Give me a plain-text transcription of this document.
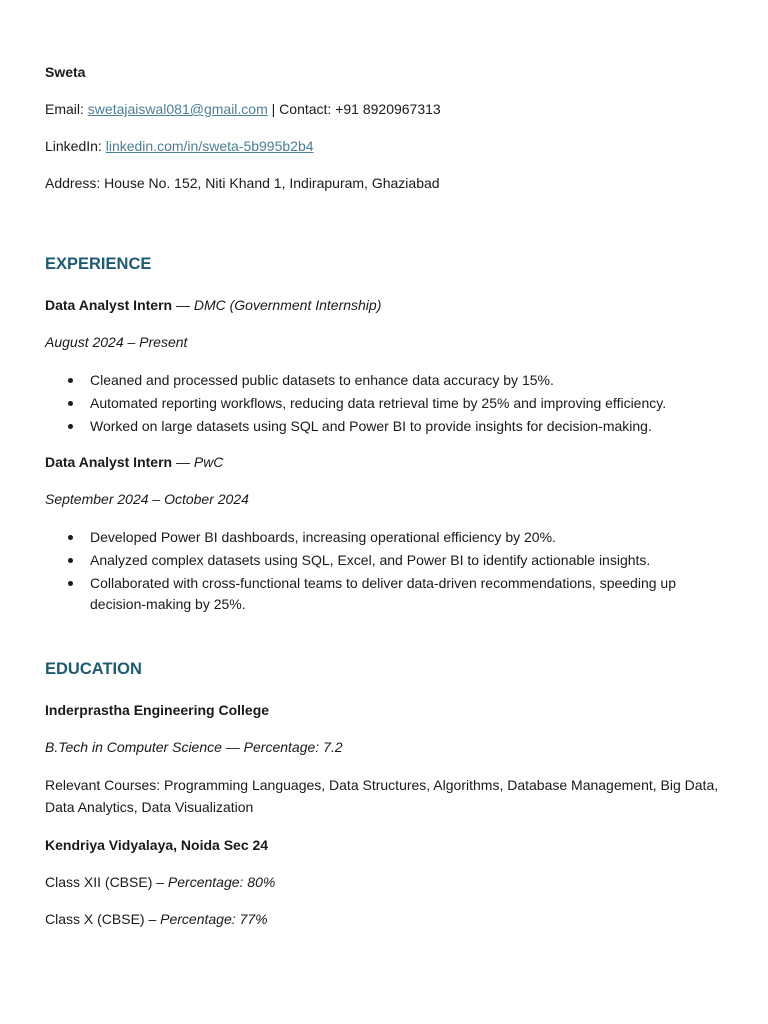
Sweta

Email: swetajaiswal081@gmail.com | Contact: +91 8920967313

LinkedIn: linkedin.com/in/sweta-5b995b2b4

Address: House No. 152, Niti Khand 1, Indirapuram, Ghaziabad

EXPERIENCE

Data Analyst Intern — DMC (Government Internship)

August 2024 – Present

Cleaned and processed public datasets to enhance data accuracy by 15%.
Automated reporting workflows, reducing data retrieval time by 25% and improving efficiency.
Worked on large datasets using SQL and Power BI to provide insights for decision-making.

Data Analyst Intern — PwC

September 2024 – October 2024

Developed Power BI dashboards, increasing operational efficiency by 20%.
Analyzed complex datasets using SQL, Excel, and Power BI to identify actionable insights.
Collaborated with cross-functional teams to deliver data-driven recommendations, speeding up decision-making by 25%.
EDUCATION

Inderprastha Engineering College

B.Tech in Computer Science — Percentage: 7.2

Relevant Courses: Programming Languages, Data Structures, Algorithms, Database Management, Big Data, Data Analytics, Data Visualization

Kendriya Vidyalaya, Noida Sec 24

Class XII (CBSE) – Percentage: 80%

Class X (CBSE) – Percentage: 77%
